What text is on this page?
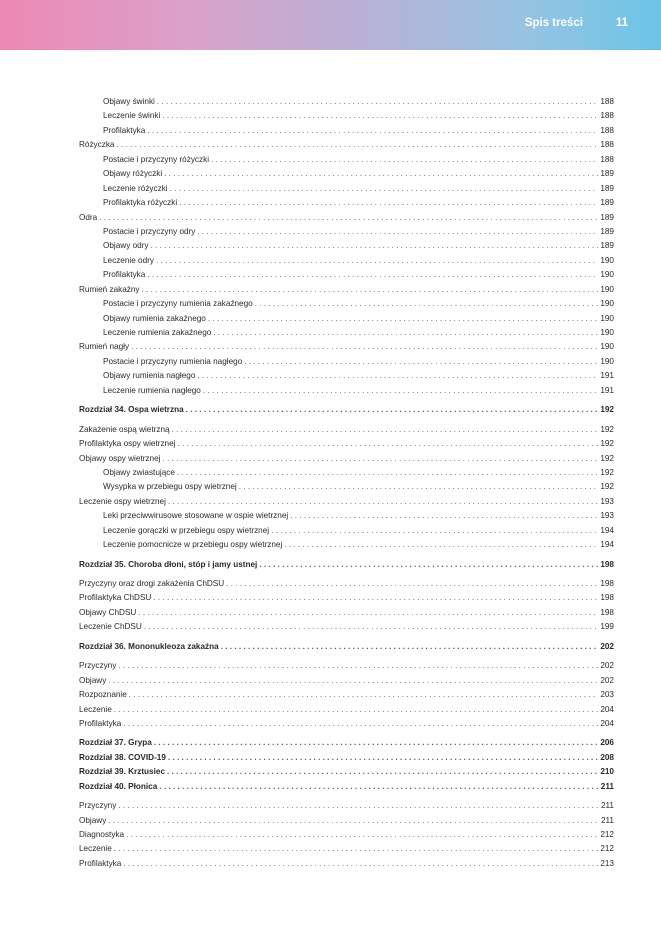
Spis treści	11
Objawy świnki . . .	188
Leczenie świnki . . .	188
Profilaktyka . . .	188
Różyczka . . .	188
Postacie i przyczyny różyczki . . .	188
Objawy różyczki . . .	189
Leczenie różyczki . . .	189
Profilaktyka różyczki . . .	189
Odra . . .	189
Postacie i przyczyny odry . . .	189
Objawy odry . . .	189
Leczenie odry . . .	190
Profilaktyka . . .	190
Rumień zakaźny . . .	190
Postacie i przyczyny rumienia zakaźnego . . .	190
Objawy rumienia zakaźnego . . .	190
Leczenie rumienia zakaźnego . . .	190
Rumień nagły . . .	190
Postacie i przyczyny rumienia nagłego . . .	190
Objawy rumienia nagłego . . .	191
Leczenie rumienia nagłego . . .	191
Rozdział 34. Ospa wietrzna . . .	192
Zakażenie ospą wietrzną . . .	192
Profilaktyka ospy wietrznej . . .	192
Objawy ospy wietrznej . . .	192
Objawy zwiastujące . . .	192
Wysypka w przebiegu ospy wietrznej . . .	192
Leczenie ospy wietrznej . . .	193
Leki przeciwwirusowe stosowane w ospie wietrznej . . .	193
Leczenie gorączki w przebiegu ospy wietrznej . . .	194
Leczenie pomocnicze w przebiegu ospy wietrznej . . .	194
Rozdział 35. Choroba dłoni, stóp i jamy ustnej . . .	198
Przyczyny oraz drogi zakażenia ChDSU . . .	198
Profilaktyka ChDSU . . .	198
Objawy ChDSU . . .	198
Leczenie ChDSU . . .	199
Rozdział 36. Mononukleoza zakaźna . . .	202
Przyczyny . . .	202
Objawy . . .	202
Rozpoznanie . . .	203
Leczenie . . .	204
Profilaktyka . . .	204
Rozdział 37. Grypa . . .	206
Rozdział 38. COVID-19 . . .	208
Rozdział 39. Krztusiec . . .	210
Rozdział 40. Płonica . . .	211
Przyczyny . . .	211
Objawy . . .	211
Diagnostyka . . .	212
Leczenie . . .	212
Profilaktyka . . .	213
